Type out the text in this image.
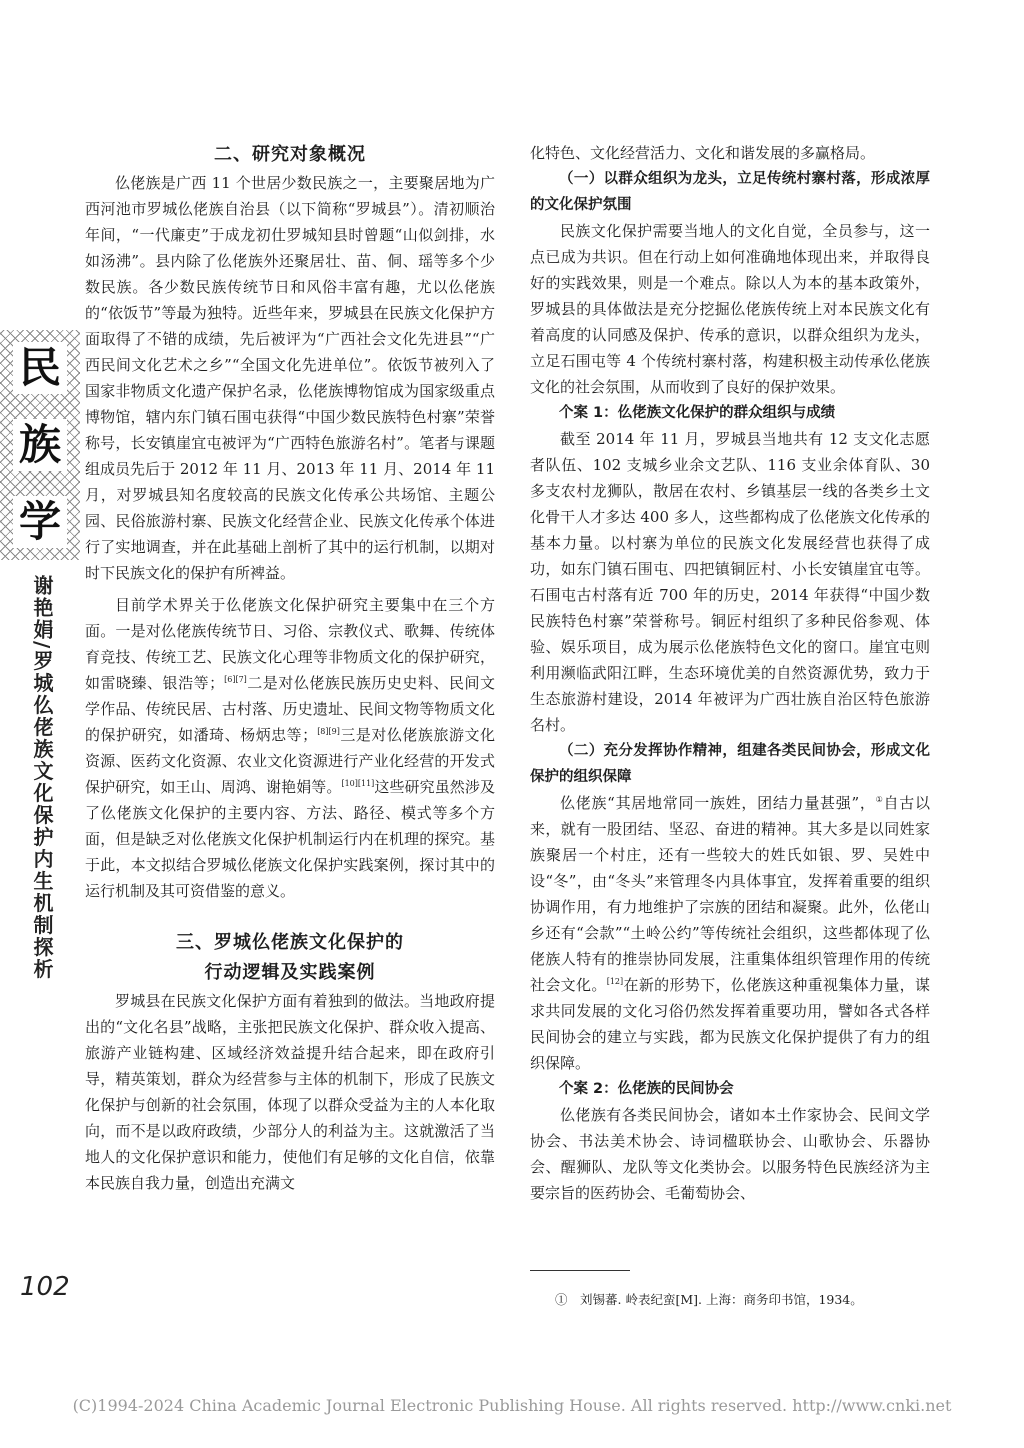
民
族
学
谢艳娟/罗城仫佬族文化保护内生机制探析
102
二、研究对象概况

仫佬族是广西 11 个世居少数民族之一，主要聚居地为广西河池市罗城仫佬族自治县（以下简称“罗城县”）。清初顺治年间，“一代廉吏”于成龙初仕罗城知县时曾题“山似剑排，水如汤沸”。县内除了仫佬族外还聚居壮、苗、侗、瑶等多个少数民族。各少数民族传统节日和风俗丰富有趣，尤以仫佬族的“依饭节”等最为独特。近些年来，罗城县在民族文化保护方面取得了不错的成绩，先后被评为“广西社会文化先进县”“广西民间文化艺术之乡”“全国文化先进单位”。依饭节被列入了国家非物质文化遗产保护名录，仫佬族博物馆成为国家级重点博物馆，辖内东门镇石围屯获得“中国少数民族特色村寨”荣誉称号，长安镇崖宜屯被评为“广西特色旅游名村”。笔者与课题组成员先后于 2012 年 11 月、2013 年 11 月、2014 年 11 月，对罗城县知名度较高的民族文化传承公共场馆、主题公园、民俗旅游村寨、民族文化经营企业、民族文化传承个体进行了实地调查，并在此基础上剖析了其中的运行机制，以期对时下民族文化的保护有所裨益。

目前学术界关于仫佬族文化保护研究主要集中在三个方面。一是对仫佬族传统节日、习俗、宗教仪式、歌舞、传统体育竞技、传统工艺、民族文化心理等非物质文化的保护研究，如雷晓臻、银浩等；[6][7]二是对仫佬族民族历史史料、民间文学作品、传统民居、古村落、历史遗址、民间文物等物质文化的保护研究，如潘琦、杨炳忠等；[8][9]三是对仫佬族旅游文化资源、医药文化资源、农业文化资源进行产业化经营的开发式保护研究，如王山、周鸿、谢艳娟等。[10][11]这些研究虽然涉及了仫佬族文化保护的主要内容、方法、路径、模式等多个方面，但是缺乏对仫佬族文化保护机制运行内在机理的探究。基于此，本文拟结合罗城仫佬族文化保护实践案例，探讨其中的运行机制及其可资借鉴的意义。

三、罗城仫佬族文化保护的
行动逻辑及实践案例

罗城县在民族文化保护方面有着独到的做法。当地政府提出的“文化名县”战略，主张把民族文化保护、群众收入提高、旅游产业链构建、区域经济效益提升结合起来，即在政府引导，精英策划，群众为经营参与主体的机制下，形成了民族文化保护与创新的社会氛围，体现了以群众受益为主的人本化取向，而不是以政府政绩，少部分人的利益为主。这就激活了当地人的文化保护意识和能力，使他们有足够的文化自信，依靠本民族自我力量，创造出充满文

化特色、文化经营活力、文化和谐发展的多赢格局。

（一）以群众组织为龙头，立足传统村寨村落，形成浓厚的文化保护氛围

民族文化保护需要当地人的文化自觉，全员参与，这一点已成为共识。但在行动上如何准确地体现出来，并取得良好的实践效果，则是一个难点。除以人为本的基本政策外，罗城县的具体做法是充分挖掘仫佬族传统上对本民族文化有着高度的认同感及保护、传承的意识，以群众组织为龙头，立足石围屯等 4 个传统村寨村落，构建积极主动传承仫佬族文化的社会氛围，从而收到了良好的保护效果。

个案 1：仫佬族文化保护的群众组织与成绩

截至 2014 年 11 月，罗城县当地共有 12 支文化志愿者队伍、102 支城乡业余文艺队、116 支业余体育队、30 多支农村龙狮队，散居在农村、乡镇基层一线的各类乡土文化骨干人才多达 400 多人，这些都构成了仫佬族文化传承的基本力量。以村寨为单位的民族文化发展经营也获得了成功，如东门镇石围屯、四把镇铜匠村、小长安镇崖宜屯等。石围屯古村落有近 700 年的历史，2014 年获得“中国少数民族特色村寨”荣誉称号。铜匠村组织了多种民俗参观、体验、娱乐项目，成为展示仫佬族特色文化的窗口。崖宜屯则利用濒临武阳江畔，生态环境优美的自然资源优势，致力于生态旅游村建设，2014 年被评为广西壮族自治区特色旅游名村。

（二）充分发挥协作精神，组建各类民间协会，形成文化保护的组织保障

仫佬族“其居地常同一族姓，团结力量甚强”，①自古以来，就有一股团结、坚忍、奋进的精神。其大多是以同姓家族聚居一个村庄，还有一些较大的姓氏如银、罗、吴姓中设“冬”，由“冬头”来管理冬内具体事宜，发挥着重要的组织协调作用，有力地维护了宗族的团结和凝聚。此外，仫佬山乡还有“会款”“土岭公约”等传统社会组织，这些都体现了仫佬族人特有的推崇协同发展，注重集体组织管理作用的传统社会文化。[12]在新的形势下，仫佬族这种重视集体力量，谋求共同发展的文化习俗仍然发挥着重要功用，譬如各式各样民间协会的建立与实践，都为民族文化保护提供了有力的组织保障。

个案 2：仫佬族的民间协会

仫佬族有各类民间协会，诸如本土作家协会、民间文学协会、书法美术协会、诗词楹联协会、山歌协会、乐器协会、醒狮队、龙队等文化类协会。以服务特色民族经济为主要宗旨的医药协会、毛葡萄协会、

①　刘锡蕃. 岭表纪蛮[M]. 上海：商务印书馆，1934。
(C)1994-2024 China Academic Journal Electronic Publishing House. All rights reserved. http://www.cnki.net
